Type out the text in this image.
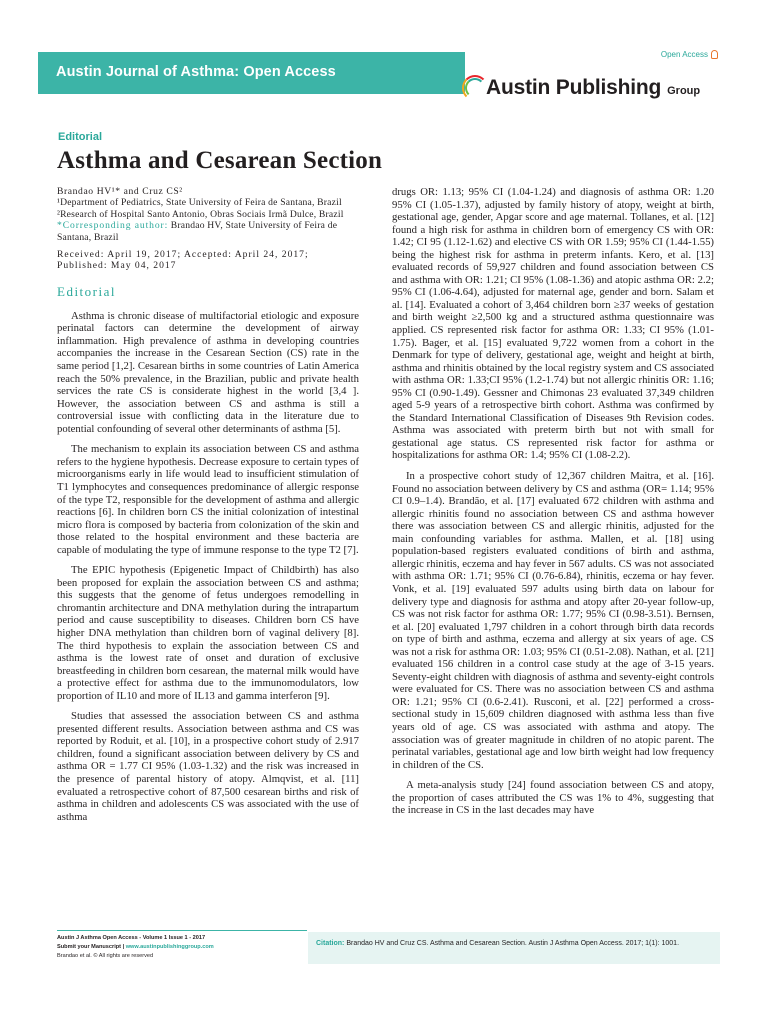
Open Access
Austin Journal of Asthma: Open Access
Austin Publishing Group
Editorial
Asthma and Cesarean Section
Brandao HV¹* and Cruz CS²
¹Department of Pediatrics, State University of Feira de Santana, Brazil
²Research of Hospital Santo Antonio, Obras Sociais Irmã Dulce, Brazil
*Corresponding author: Brandao HV, State University of Feira de Santana, Brazil
Received: April 19, 2017; Accepted: April 24, 2017;
Published: May 04, 2017
Editorial

Asthma is chronic disease of multifactorial etiologic and exposure perinatal factors can determine the development of airway inflammation. High prevalence of asthma in developing countries accompanies the increase in the Cesarean Section (CS) rate in the same period [1,2]. Cesarean births in some countries of Latin America reach the 50% prevalence, in the Brazilian, public and private health services the rate CS is considerate highest in the world [3,4 ]. However, the association between CS and asthma is still a controversial issue with conflicting data in the literature due to potential confounding of several other determinants of asthma [5].

The mechanism to explain its association between CS and asthma refers to the hygiene hypothesis. Decrease exposure to certain types of microorganisms early in life would lead to insufficient stimulation of T1 lymphocytes and consequences predominance of allergic response of the type T2, responsible for the development of asthma and allergic reactions [6]. In children born CS the initial colonization of intestinal micro flora is composed by bacteria from colonization of the skin and those related to the hospital environment and these bacteria are capable of modulating the type of immune response to the type T2 [7].

The EPIC hypothesis (Epigenetic Impact of Childbirth) has also been proposed for explain the association between CS and asthma; this suggests that the genome of fetus undergoes remodelling in chromantin architecture and DNA methylation during the intrapartum period and cause susceptibility to diseases. Children born CS have higher DNA methylation than children born of vaginal delivery [8]. The third hypothesis to explain the association between CS and asthma is the lowest rate of onset and duration of exclusive breastfeeding in children born cesarean, the maternal milk would have a protective effect for asthma due to the immunomodulators, low proportion of IL10 and more of IL13 and gamma interferon [9].

Studies that assessed the association between CS and asthma presented different results. Association between asthma and CS was reported by Roduit, et al. [10], in a prospective cohort study of 2.917 children, found a significant association between delivery by CS and asthma OR = 1.77 CI 95% (1.03-1.32) and the risk was increased in the presence of parental history of atopy. Almqvist, et al. [11] evaluated a retrospective cohort of 87,500 cesarean births and risk of asthma in children and adolescents CS was associated with the use of asthma

drugs OR: 1.13; 95% CI (1.04-1.24) and diagnosis of asthma OR: 1.20 95% CI (1.05-1.37), adjusted by family history of atopy, weight at birth, gestational age, gender, Apgar score and age maternal. Tollanes, et al. [12] found a high risk for asthma in children born of emergency CS with OR: 1.42; CI 95 (1.12-1.62) and elective CS with OR 1.59; 95% CI (1.44-1.55) being the highest risk for asthma in preterm infants. Kero, et al. [13] evaluated records of 59,927 children and found association between CS and asthma with OR: 1.21; CI 95% (1.08-1.36) and atopic asthma OR: 2.2; 95% CI (1.06-4.64), adjusted for maternal age, gender and born. Salam et al. [14]. Evaluated a cohort of 3,464 children born ≥37 weeks of gestation and birth weight ≥2,500 kg and a structured asthma questionnaire was applied. CS represented risk factor for asthma OR: 1.33; CI 95% (1.01-1.75). Bager, et al. [15] evaluated 9,722 women from a cohort in the Denmark for type of delivery, gestational age, weight and height at birth, asthma and rhinitis obtained by the local registry system and CS associated with asthma OR: 1.33;CI 95% (1.2-1.74) but not allergic rhinitis OR: 1.16; 95% CI (0.90-1.49). Gessner and Chimonas 23 evaluated 37,349 children aged 5-9 years of a retrospective birth cohort. Asthma was confirmed by the Standard International Classification of Diseases 9th Revision codes. Asthma was associated with preterm birth but not with small for gestational age status. CS represented risk factor for asthma or hospitalizations for asthma OR: 1.4; 95% CI (1.08-2.2).

In a prospective cohort study of 12,367 children Maitra, et al. [16]. Found no association between delivery by CS and asthma (OR= 1.14; 95% CI 0.9–1.4). Brandão, et al. [17] evaluated 672 children with asthma and allergic rhinitis found no association between CS and asthma however there was association between CS and allergic rhinitis, adjusted for the main confounding variables for asthma. Mallen, et al. [18] using population-based registers evaluated conditions of birth and asthma, allergic rhinitis, eczema and hay fever in 567 adults. CS was not associated with asthma OR: 1.71; 95% CI (0.76-6.84), rhinitis, eczema or hay fever. Vonk, et al. [19] evaluated 597 adults using birth data on labour for delivery type and diagnosis for asthma and atopy after 20-year follow-up, CS was not risk factor for asthma OR: 1.77; 95% CI (0.98-3.51). Bernsen, et al. [20] evaluated 1,797 children in a cohort through birth data records on type of birth and asthma, eczema and allergy at six years of age. CS was not a risk for asthma OR: 1.03; 95% CI (0.51-2.08). Nathan, et al. [21] evaluated 156 children in a control case study at the age of 3-15 years. Seventy-eight children with diagnosis of asthma and seventy-eight controls were evaluated for CS. There was no association between CS and asthma OR: 1.21; 95% CI (0.6-2.41). Rusconi, et al. [22] performed a cross-sectional study in 15,609 children diagnosed with asthma less than five years old of age. CS was associated with asthma and atopy. The association was of greater magnitude in children of no atopic parent. The perinatal variables, gestational age and low birth weight had low frequency in children of the CS.

A meta-analysis study [24] found association between CS and atopy, the proportion of cases attributed the CS was 1% to 4%, suggesting that the increase in CS in the last decades may have

Austin J Asthma Open Access - Volume 1 Issue 1 - 2017
Submit your Manuscript | www.austinpublishinggroup.com
Brandao et al. © All rights are reserved
Citation: Brandao HV and Cruz CS. Asthma and Cesarean Section. Austin J Asthma Open Access. 2017; 1(1): 1001.
